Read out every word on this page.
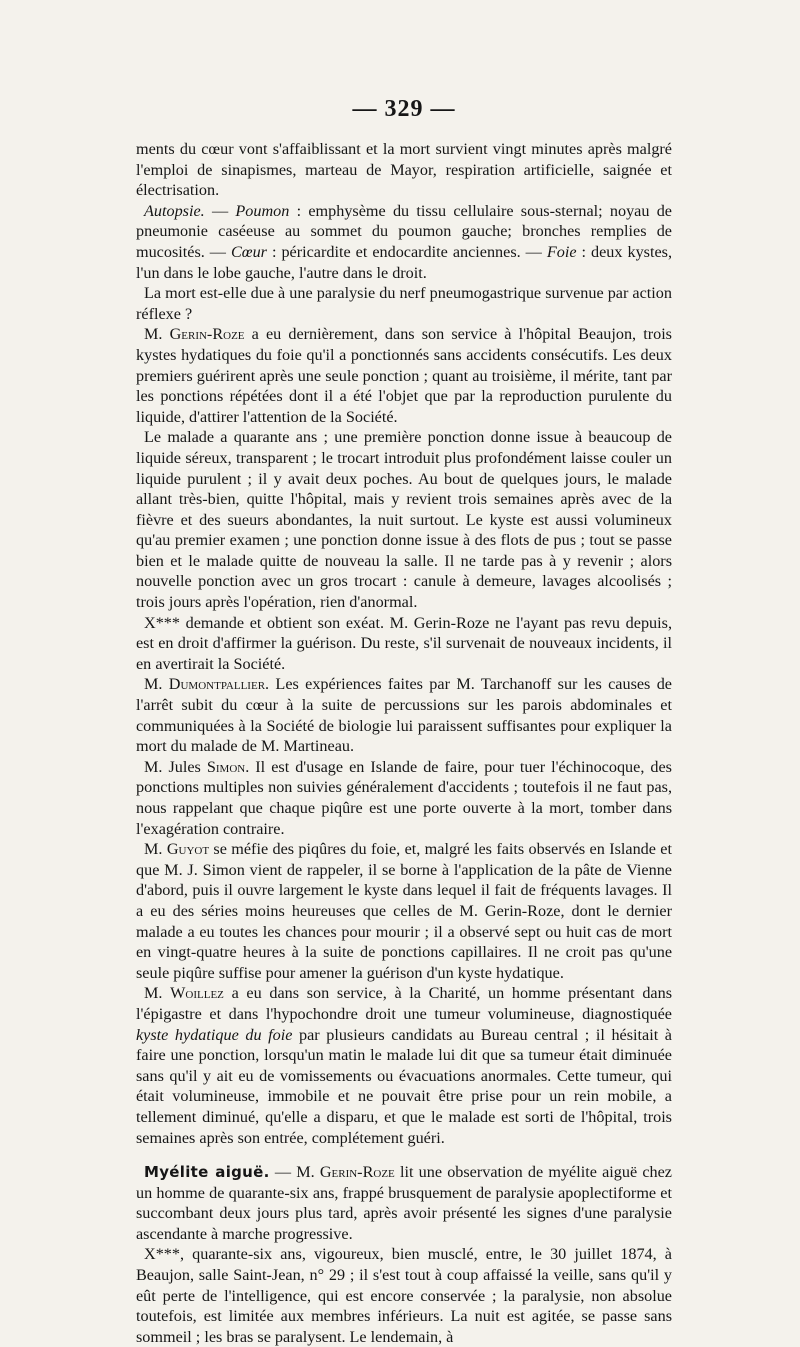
— 329 —

ments du cœur vont s'affaiblissant et la mort survient vingt minutes après malgré l'emploi de sinapismes, marteau de Mayor, respiration artificielle, saignée et électrisation.

Autopsie. — Poumon : emphysème du tissu cellulaire sous-sternal; noyau de pneumonie caséeuse au sommet du poumon gauche; bronches remplies de mucosités. — Cœur : péricardite et endocardite anciennes. — Foie : deux kystes, l'un dans le lobe gauche, l'autre dans le droit.

La mort est-elle due à une paralysie du nerf pneumogastrique survenue par action réflexe ?

M. Gerin-Roze a eu dernièrement, dans son service à l'hôpital Beaujon, trois kystes hydatiques du foie qu'il a ponctionnés sans accidents consécutifs. Les deux premiers guérirent après une seule ponction ; quant au troisième, il mérite, tant par les ponctions répétées dont il a été l'objet que par la reproduction purulente du liquide, d'attirer l'attention de la Société.

Le malade a quarante ans ; une première ponction donne issue à beaucoup de liquide séreux, transparent ; le trocart introduit plus profondément laisse couler un liquide purulent ; il y avait deux poches. Au bout de quelques jours, le malade allant très-bien, quitte l'hôpital, mais y revient trois semaines après avec de la fièvre et des sueurs abondantes, la nuit surtout. Le kyste est aussi volumineux qu'au premier examen ; une ponction donne issue à des flots de pus ; tout se passe bien et le malade quitte de nouveau la salle. Il ne tarde pas à y revenir ; alors nouvelle ponction avec un gros trocart : canule à demeure, lavages alcoolisés ; trois jours après l'opération, rien d'anormal.

X*** demande et obtient son exéat. M. Gerin-Roze ne l'ayant pas revu depuis, est en droit d'affirmer la guérison. Du reste, s'il survenait de nouveaux incidents, il en avertirait la Société.

M. Dumontpallier. Les expériences faites par M. Tarchanoff sur les causes de l'arrêt subit du cœur à la suite de percussions sur les parois abdominales et communiquées à la Société de biologie lui paraissent suffisantes pour expliquer la mort du malade de M. Martineau.

M. Jules Simon. Il est d'usage en Islande de faire, pour tuer l'échinocoque, des ponctions multiples non suivies généralement d'accidents ; toutefois il ne faut pas, nous rappelant que chaque piqûre est une porte ouverte à la mort, tomber dans l'exagération contraire.

M. Guyot se méfie des piqûres du foie, et, malgré les faits observés en Islande et que M. J. Simon vient de rappeler, il se borne à l'application de la pâte de Vienne d'abord, puis il ouvre largement le kyste dans lequel il fait de fréquents lavages. Il a eu des séries moins heureuses que celles de M. Gerin-Roze, dont le dernier malade a eu toutes les chances pour mourir ; il a observé sept ou huit cas de mort en vingt-quatre heures à la suite de ponctions capillaires. Il ne croit pas qu'une seule piqûre suffise pour amener la guérison d'un kyste hydatique.

M. Woillez a eu dans son service, à la Charité, un homme présentant dans l'épigastre et dans l'hypochondre droit une tumeur volumineuse, diagnostiquée kyste hydatique du foie par plusieurs candidats au Bureau central ; il hésitait à faire une ponction, lorsqu'un matin le malade lui dit que sa tumeur était diminuée sans qu'il y ait eu de vomissements ou évacuations anormales. Cette tumeur, qui était volumineuse, immobile et ne pouvait être prise pour un rein mobile, a tellement diminué, qu'elle a disparu, et que le malade est sorti de l'hôpital, trois semaines après son entrée, complétement guéri.

Myélite aiguë. — M. Gerin-Roze lit une observation de myélite aiguë chez un homme de quarante-six ans, frappé brusquement de paralysie apoplectiforme et succombant deux jours plus tard, après avoir présenté les signes d'une paralysie ascendante à marche progressive.

X***, quarante-six ans, vigoureux, bien musclé, entre, le 30 juillet 1874, à Beaujon, salle Saint-Jean, n° 29 ; il s'est tout à coup affaissé la veille, sans qu'il y eût perte de l'intelligence, qui est encore conservée ; la paralysie, non absolue toutefois, est limitée aux membres inférieurs. La nuit est agitée, se passe sans sommeil ; les bras se paralysent. Le lendemain, à
